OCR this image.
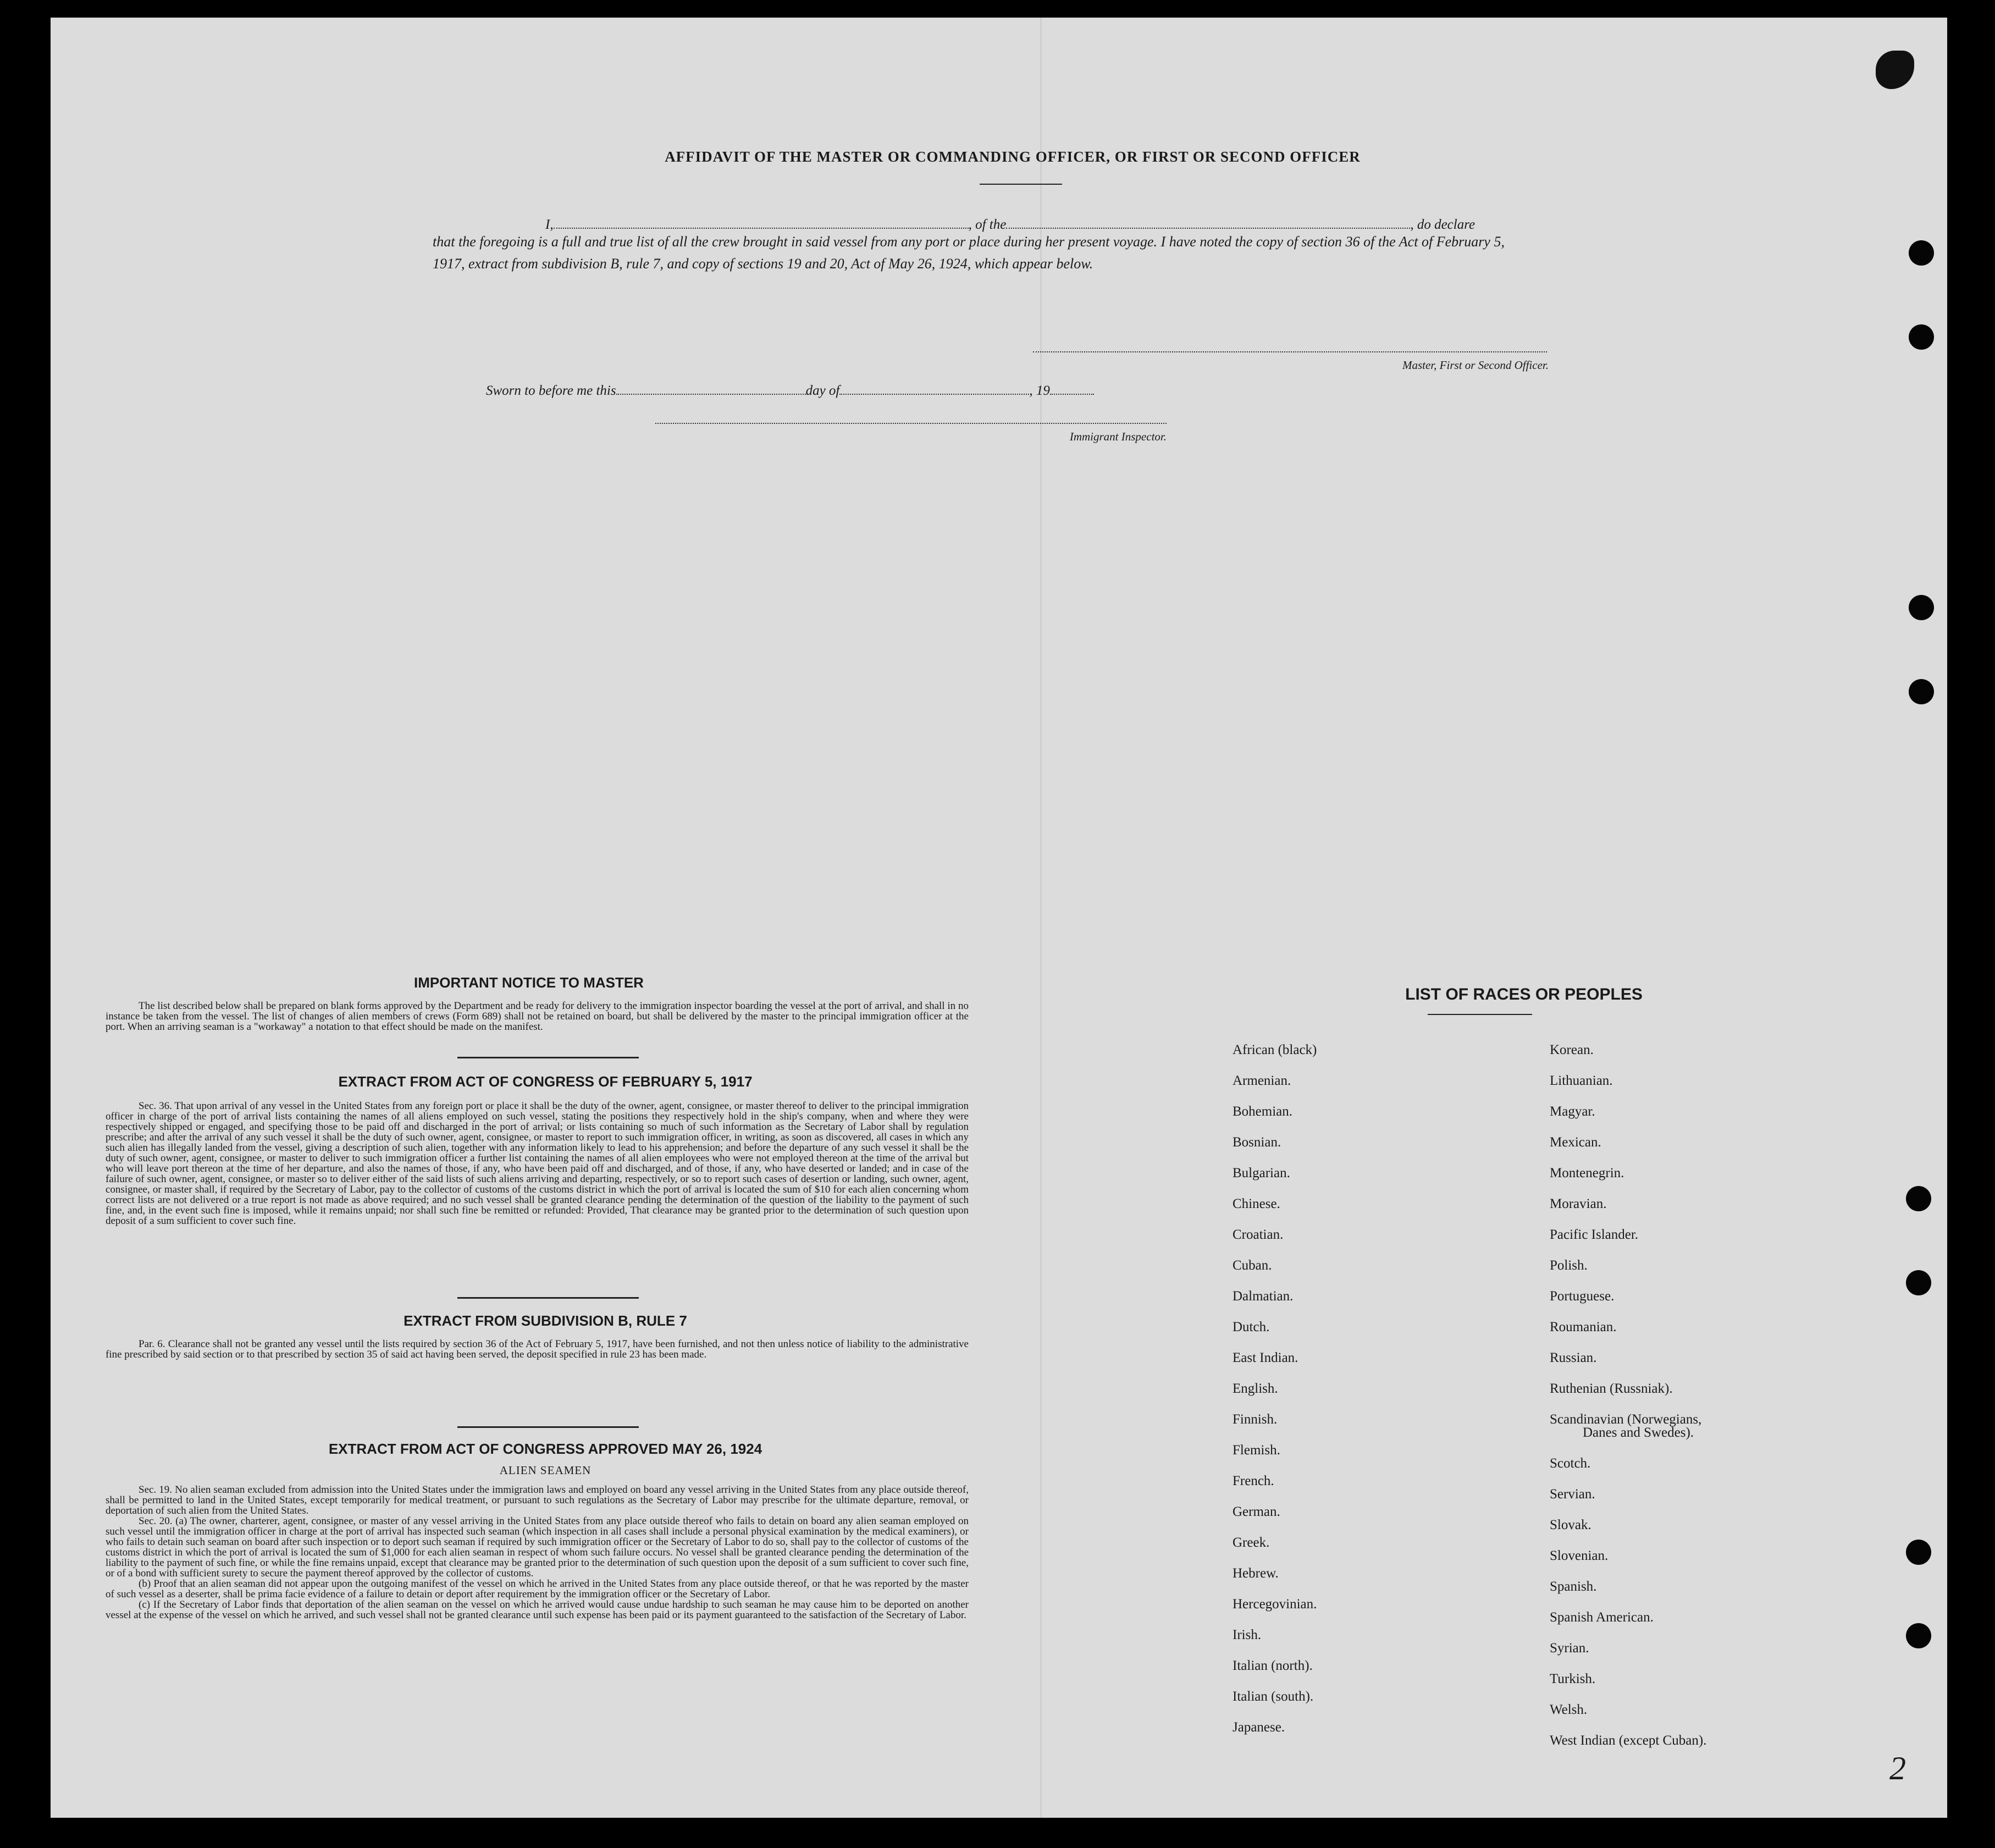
AFFIDAVIT OF THE MASTER OR COMMANDING OFFICER, OR FIRST OR SECOND OFFICER
I,	, of the	, do declare
that the foregoing is a full and true list of all the crew brought in said vessel from any port or place during her present voyage. I have noted the copy of section 36 of the Act of February 5, 1917, extract from subdivision B, rule 7, and copy of sections 19 and 20, Act of May 26, 1924, which appear below.
Master, First or Second Officer.
Sworn to before me this	day of	, 19
Immigrant Inspector.
IMPORTANT NOTICE TO MASTER
The list described below shall be prepared on blank forms approved by the Department and be ready for delivery to the immigration inspector boarding the vessel at the port of arrival, and shall in no instance be taken from the vessel. The list of changes of alien members of crews (Form 689) shall not be retained on board, but shall be delivered by the master to the principal immigration officer at the port. When an arriving seaman is a "workaway" a notation to that effect should be made on the manifest.
EXTRACT FROM ACT OF CONGRESS OF FEBRUARY 5, 1917
Sec. 36. That upon arrival of any vessel in the United States from any foreign port or place it shall be the duty of the owner, agent, consignee, or master thereof to deliver to the principal immigration officer in charge of the port of arrival lists containing the names of all aliens employed on such vessel, stating the positions they respectively hold in the ship's company, when and where they were respectively shipped or engaged, and specifying those to be paid off and discharged in the port of arrival; or lists containing so much of such information as the Secretary of Labor shall by regulation prescribe; and after the arrival of any such vessel it shall be the duty of such owner, agent, consignee, or master to report to such immigration officer, in writing, as soon as discovered, all cases in which any such alien has illegally landed from the vessel, giving a description of such alien, together with any information likely to lead to his apprehension; and before the departure of any such vessel it shall be the duty of such owner, agent, consignee, or master to deliver to such immigration officer a further list containing the names of all alien employees who were not employed thereon at the time of the arrival but who will leave port thereon at the time of her departure, and also the names of those, if any, who have been paid off and discharged, and of those, if any, who have deserted or landed; and in case of the failure of such owner, agent, consignee, or master so to deliver either of the said lists of such aliens arriving and departing, respectively, or so to report such cases of desertion or landing, such owner, agent, consignee, or master shall, if required by the Secretary of Labor, pay to the collector of customs of the customs district in which the port of arrival is located the sum of $10 for each alien concerning whom correct lists are not delivered or a true report is not made as above required; and no such vessel shall be granted clearance pending the determination of the question of the liability to the payment of such fine, and, in the event such fine is imposed, while it remains unpaid; nor shall such fine be remitted or refunded: Provided, That clearance may be granted prior to the determination of such question upon deposit of a sum sufficient to cover such fine.
EXTRACT FROM SUBDIVISION B, RULE 7
Par. 6. Clearance shall not be granted any vessel until the lists required by section 36 of the Act of February 5, 1917, have been furnished, and not then unless notice of liability to the administrative fine prescribed by said section or to that prescribed by section 35 of said act having been served, the deposit specified in rule 23 has been made.
EXTRACT FROM ACT OF CONGRESS APPROVED MAY 26, 1924
ALIEN SEAMEN
Sec. 19. No alien seaman excluded from admission into the United States under the immigration laws and employed on board any vessel arriving in the United States from any place outside thereof, shall be permitted to land in the United States, except temporarily for medical treatment, or pursuant to such regulations as the Secretary of Labor may prescribe for the ultimate departure, removal, or deportation of such alien from the United States.
Sec. 20. (a) The owner, charterer, agent, consignee, or master of any vessel arriving in the United States from any place outside thereof who fails to detain on board any alien seaman employed on such vessel until the immigration officer in charge at the port of arrival has inspected such seaman (which inspection in all cases shall include a personal physical examination by the medical examiners), or who fails to detain such seaman on board after such inspection or to deport such seaman if required by such immigration officer or the Secretary of Labor to do so, shall pay to the collector of customs of the customs district in which the port of arrival is located the sum of $1,000 for each alien seaman in respect of whom such failure occurs. No vessel shall be granted clearance pending the determination of the liability to the payment of such fine, or while the fine remains unpaid, except that clearance may be granted prior to the determination of such question upon the deposit of a sum sufficient to cover such fine, or of a bond with sufficient surety to secure the payment thereof approved by the collector of customs.
(b) Proof that an alien seaman did not appear upon the outgoing manifest of the vessel on which he arrived in the United States from any place outside thereof, or that he was reported by the master of such vessel as a deserter, shall be prima facie evidence of a failure to detain or deport after requirement by the immigration officer or the Secretary of Labor.
(c) If the Secretary of Labor finds that deportation of the alien seaman on the vessel on which he arrived would cause undue hardship to such seaman he may cause him to be deported on another vessel at the expense of the vessel on which he arrived, and such vessel shall not be granted clearance until such expense has been paid or its payment guaranteed to the satisfaction of the Secretary of Labor.
LIST OF RACES OR PEOPLES
African (black)
Armenian.
Bohemian.
Bosnian.
Bulgarian.
Chinese.
Croatian.
Cuban.
Dalmatian.
Dutch.
East Indian.
English.
Finnish.
Flemish.
French.
German.
Greek.
Hebrew.
Hercegovinian.
Irish.
Italian (north).
Italian (south).
Japanese.
Korean.
Lithuanian.
Magyar.
Mexican.
Montenegrin.
Moravian.
Pacific Islander.
Polish.
Portuguese.
Roumanian.
Russian.
Ruthenian (Russniak).
Scandinavian (Norwegians,
Danes and Swedes).
Scotch.
Servian.
Slovak.
Slovenian.
Spanish.
Spanish American.
Syrian.
Turkish.
Welsh.
West Indian (except Cuban).
2
